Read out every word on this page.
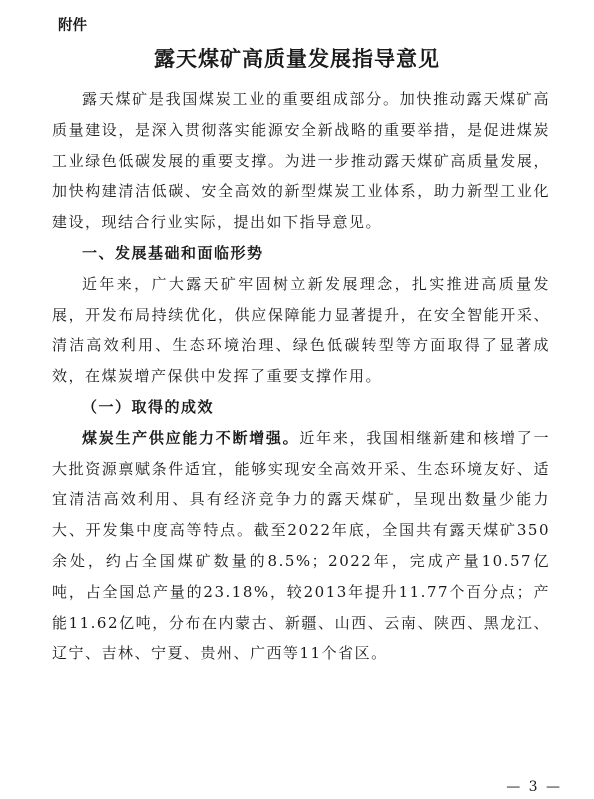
附件
露天煤矿高质量发展指导意见

露天煤矿是我国煤炭工业的重要组成部分。加快推动露天煤矿高质量建设，是深入贯彻落实能源安全新战略的重要举措，是促进煤炭工业绿色低碳发展的重要支撑。为进一步推动露天煤矿高质量发展，加快构建清洁低碳、安全高效的新型煤炭工业体系，助力新型工业化建设，现结合行业实际，提出如下指导意见。

一、发展基础和面临形势

近年来，广大露天矿牢固树立新发展理念，扎实推进高质量发展，开发布局持续优化，供应保障能力显著提升，在安全智能开采、清洁高效利用、生态环境治理、绿色低碳转型等方面取得了显著成效，在煤炭增产保供中发挥了重要支撑作用。

（一）取得的成效

煤炭生产供应能力不断增强。近年来，我国相继新建和核增了一大批资源禀赋条件适宜，能够实现安全高效开采、生态环境友好、适宜清洁高效利用、具有经济竞争力的露天煤矿，呈现出数量少能力大、开发集中度高等特点。截至2022年底，全国共有露天煤矿350余处，约占全国煤矿数量的8.5%；2022年，完成产量10.57亿吨，占全国总产量的23.18%，较2013年提升11.77个百分点；产能11.62亿吨，分布在内蒙古、新疆、山西、云南、陕西、黑龙江、辽宁、吉林、宁夏、贵州、广西等11个省区。

— 3 —
